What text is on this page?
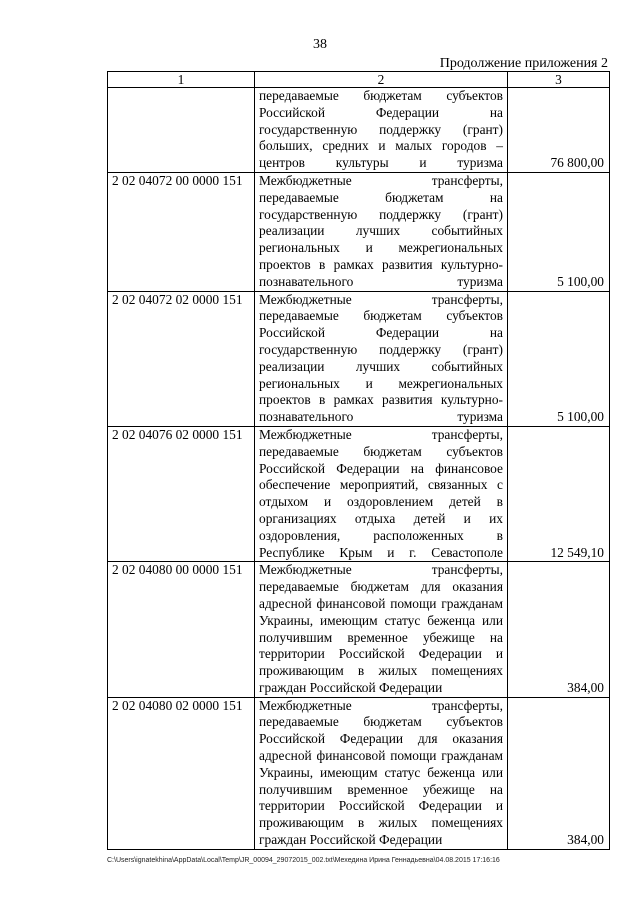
38
Продолжение приложения 2
1	2	3
	передаваемые бюджетам субъектов Российской Федерации на государственную поддержку (грант) больших, средних и малых городов – центров культуры и туризма	76 800,00
2 02 04072 00 0000 151	Межбюджетные трансферты, передаваемые бюджетам на государственную поддержку (грант) реализации лучших событийных региональных и межрегиональных проектов в рамках развития культурно-познавательного туризма	5 100,00
2 02 04072 02 0000 151	Межбюджетные трансферты, передаваемые бюджетам субъектов Российской Федерации на государственную поддержку (грант) реализации лучших событийных региональных и межрегиональных проектов в рамках развития культурно-познавательного туризма	5 100,00
2 02 04076 02 0000 151	Межбюджетные трансферты, передаваемые бюджетам субъектов Российской Федерации на финансовое обеспечение мероприятий, связанных с отдыхом и оздоровлением детей в организациях отдыха детей и их оздоровления, расположенных в Республике Крым и г. Севастополе	12 549,10
2 02 04080 00 0000 151	Межбюджетные трансферты, передаваемые бюджетам для оказания адресной финансовой помощи гражданам Украины, имеющим статус беженца или получившим временное убежище на территории Российской Федерации и проживающим в жилых помещениях граждан Российской Федерации	384,00
2 02 04080 02 0000 151	Межбюджетные трансферты, передаваемые бюджетам субъектов Российской Федерации для оказания адресной финансовой помощи гражданам Украины, имеющим статус беженца или получившим временное убежище на территории Российской Федерации и проживающим в жилых помещениях граждан Российской Федерации	384,00
C:\Users\ignatekhina\AppData\Local\Temp\JR_00094_29072015_002.txt\Мехедина Ирина Геннадьевна\04.08.2015 17:16:16
